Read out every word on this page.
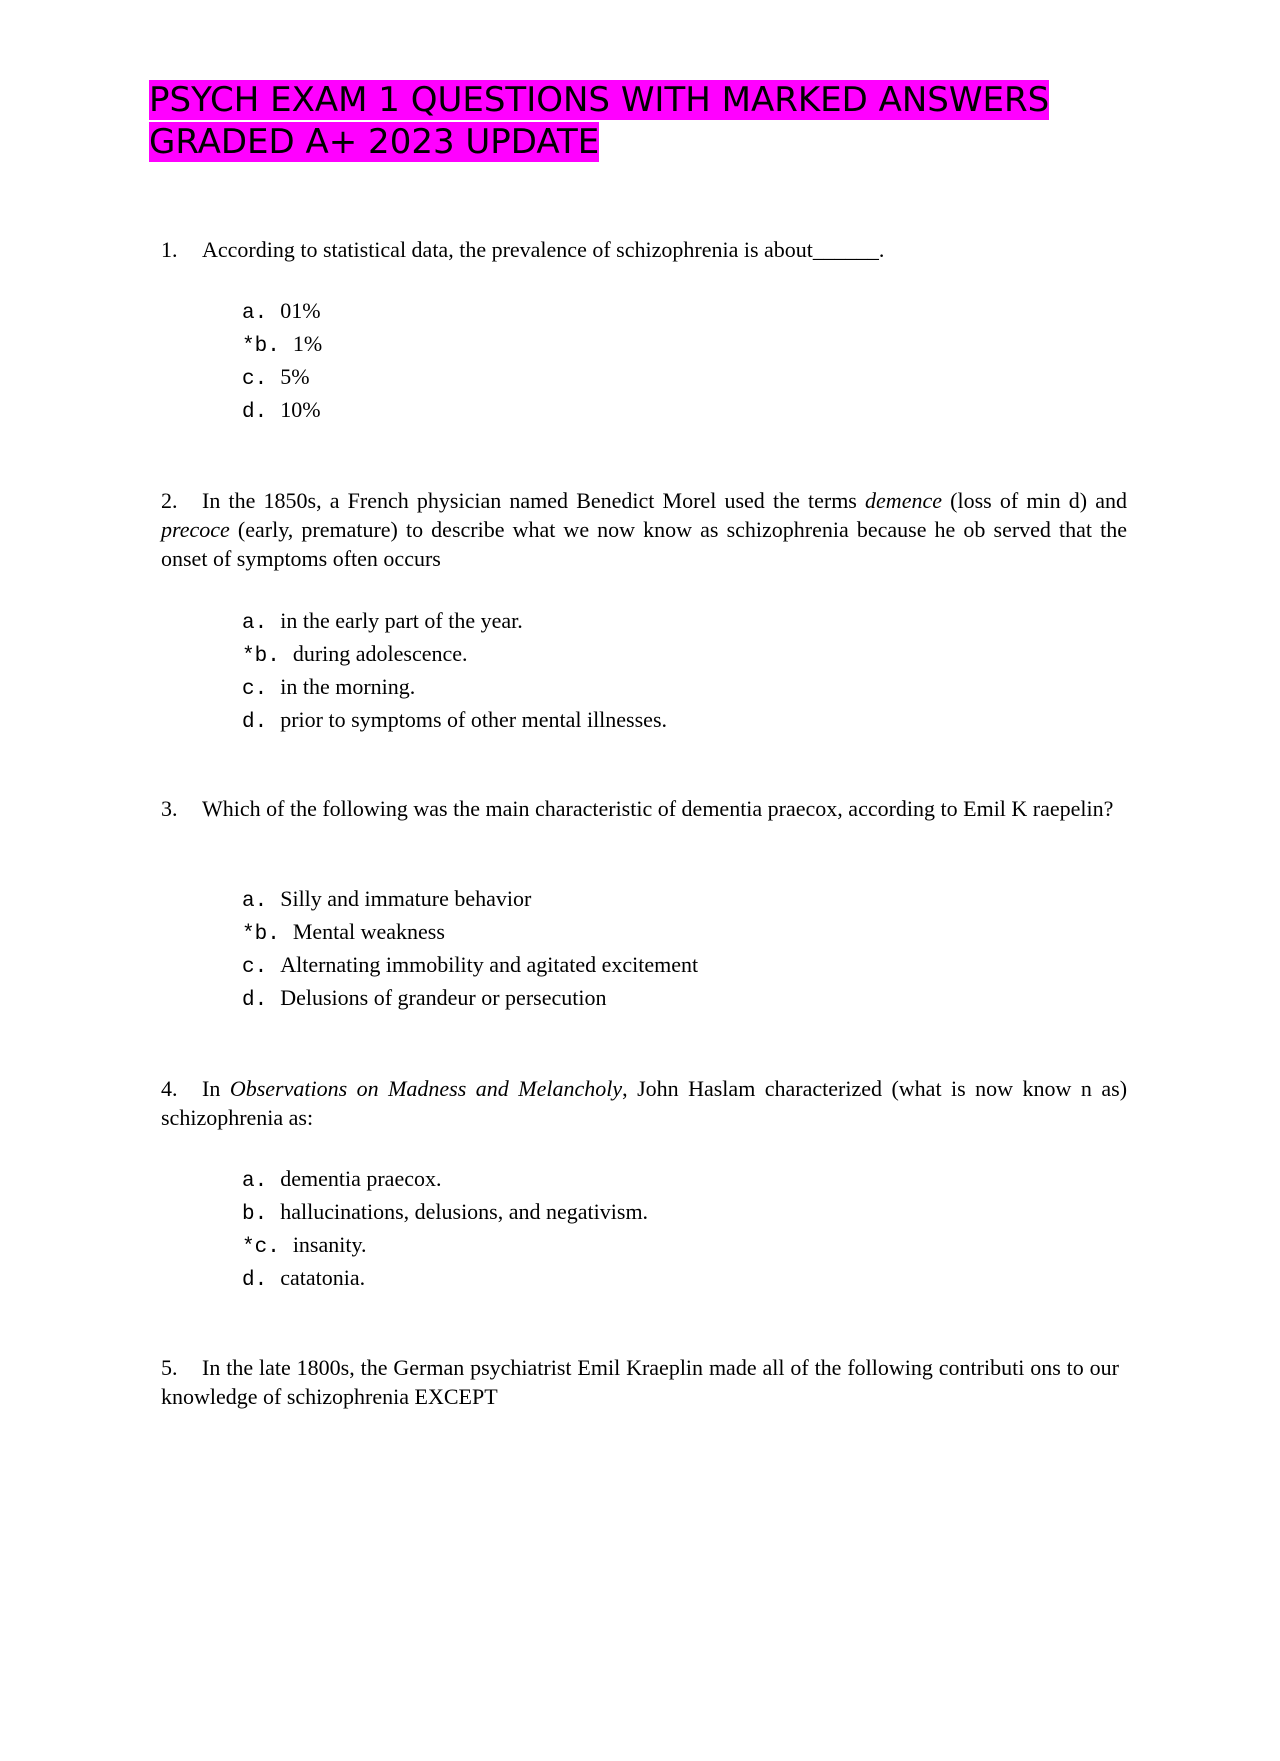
PSYCH EXAM 1 QUESTIONS WITH MARKED ANSWERS
GRADED A+ 2023 UPDATE

1. According to statistical data, the prevalence of schizophrenia is about______.

a. 01%
*b. 1%
c. 5%
d. 10%

2. In the 1850s, a French physician named Benedict Morel used the terms demence (loss of min d) and precoce (early, premature) to describe what we now know as schizophrenia because he ob served that the onset of symptoms often occurs

a. in the early part of the year.
*b. during adolescence.
c. in the morning.
d. prior to symptoms of other mental illnesses.

3. Which of the following was the main characteristic of dementia praecox, according to Emil K raepelin?

a. Silly and immature behavior
*b. Mental weakness
c. Alternating immobility and agitated excitement
d. Delusions of grandeur or persecution

4. In Observations on Madness and Melancholy, John Haslam characterized (what is now know n as) schizophrenia as:

a. dementia praecox.
b. hallucinations, delusions, and negativism.
*c. insanity.
d. catatonia.

5. In the late 1800s, the German psychiatrist Emil Kraeplin made all of the following contributi ons to our knowledge of schizophrenia EXCEPT
